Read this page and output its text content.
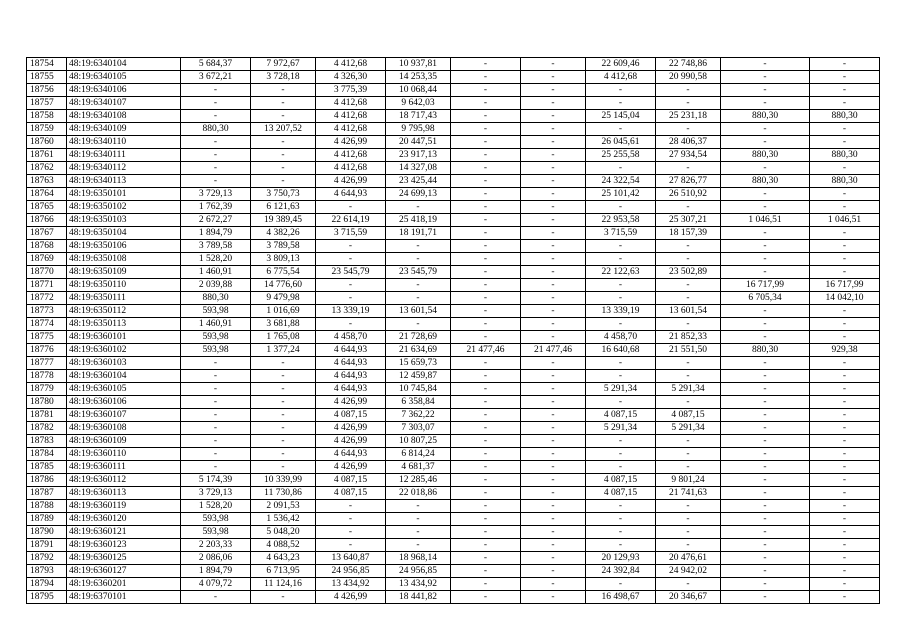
18754	48:19:6340104	5 684,37	7 972,67	4 412,68	10 937,81	-	-	22 609,46	22 748,86	-	-
18755	48:19:6340105	3 672,21	3 728,18	4 326,30	14 253,35	-	-	4 412,68	20 990,58	-	-
18756	48:19:6340106	-	-	3 775,39	10 068,44	-	-	-	-	-	-
18757	48:19:6340107	-	-	4 412,68	9 642,03	-	-	-	-	-	-
18758	48:19:6340108	-	-	4 412,68	18 717,43	-	-	25 145,04	25 231,18	880,30	880,30
18759	48:19:6340109	880,30	13 207,52	4 412,68	9 795,98	-	-	-	-	-	-
18760	48:19:6340110	-	-	4 426,99	20 447,51	-	-	26 045,61	28 406,37	-	-
18761	48:19:6340111	-	-	4 412,68	23 917,13	-	-	25 255,58	27 934,54	880,30	880,30
18762	48:19:6340112	-	-	4 412,68	14 327,08	-	-	-	-	-	-
18763	48:19:6340113	-	-	4 426,99	23 425,44	-	-	24 322,54	27 826,77	880,30	880,30
18764	48:19:6350101	3 729,13	3 750,73	4 644,93	24 699,13	-	-	25 101,42	26 510,92	-	-
18765	48:19:6350102	1 762,39	6 121,63	-	-	-	-	-	-	-	-
18766	48:19:6350103	2 672,27	19 389,45	22 614,19	25 418,19	-	-	22 953,58	25 307,21	1 046,51	1 046,51
18767	48:19:6350104	1 894,79	4 382,26	3 715,59	18 191,71	-	-	3 715,59	18 157,39	-	-
18768	48:19:6350106	3 789,58	3 789,58	-	-	-	-	-	-	-	-
18769	48:19:6350108	1 528,20	3 809,13	-	-	-	-	-	-	-	-
18770	48:19:6350109	1 460,91	6 775,54	23 545,79	23 545,79	-	-	22 122,63	23 502,89	-	-
18771	48:19:6350110	2 039,88	14 776,60	-	-	-	-	-	-	16 717,99	16 717,99
18772	48:19:6350111	880,30	9 479,98	-	-	-	-	-	-	6 705,34	14 042,10
18773	48:19:6350112	593,98	1 016,69	13 339,19	13 601,54	-	-	13 339,19	13 601,54	-	-
18774	48:19:6350113	1 460,91	3 681,88	-	-	-	-	-	-	-	-
18775	48:19:6360101	593,98	1 765,08	4 458,70	21 728,69	-	-	4 458,70	21 852,33	-	-
18776	48:19:6360102	593,98	1 377,24	4 644,93	21 634,69	21 477,46	21 477,46	16 640,68	21 551,50	880,30	929,38
18777	48:19:6360103	-	-	4 644,93	15 659,73	-	-	-	-	-	-
18778	48:19:6360104	-	-	4 644,93	12 459,87	-	-	-	-	-	-
18779	48:19:6360105	-	-	4 644,93	10 745,84	-	-	5 291,34	5 291,34	-	-
18780	48:19:6360106	-	-	4 426,99	6 358,84	-	-	-	-	-	-
18781	48:19:6360107	-	-	4 087,15	7 362,22	-	-	4 087,15	4 087,15	-	-
18782	48:19:6360108	-	-	4 426,99	7 303,07	-	-	5 291,34	5 291,34	-	-
18783	48:19:6360109	-	-	4 426,99	10 807,25	-	-	-	-	-	-
18784	48:19:6360110	-	-	4 644,93	6 814,24	-	-	-	-	-	-
18785	48:19:6360111	-	-	4 426,99	4 681,37	-	-	-	-	-	-
18786	48:19:6360112	5 174,39	10 339,99	4 087,15	12 285,46	-	-	4 087,15	9 801,24	-	-
18787	48:19:6360113	3 729,13	11 730,86	4 087,15	22 018,86	-	-	4 087,15	21 741,63	-	-
18788	48:19:6360119	1 528,20	2 091,53	-	-	-	-	-	-	-	-
18789	48:19:6360120	593,98	1 536,42	-	-	-	-	-	-	-	-
18790	48:19:6360121	593,98	5 048,20	-	-	-	-	-	-	-	-
18791	48:19:6360123	2 203,33	4 088,52	-	-	-	-	-	-	-	-
18792	48:19:6360125	2 086,06	4 643,23	13 640,87	18 968,14	-	-	20 129,93	20 476,61	-	-
18793	48:19:6360127	1 894,79	6 713,95	24 956,85	24 956,85	-	-	24 392,84	24 942,02	-	-
18794	48:19:6360201	4 079,72	11 124,16	13 434,92	13 434,92	-	-	-	-	-	-
18795	48:19:6370101	-	-	4 426,99	18 441,82	-	-	16 498,67	20 346,67	-	-
